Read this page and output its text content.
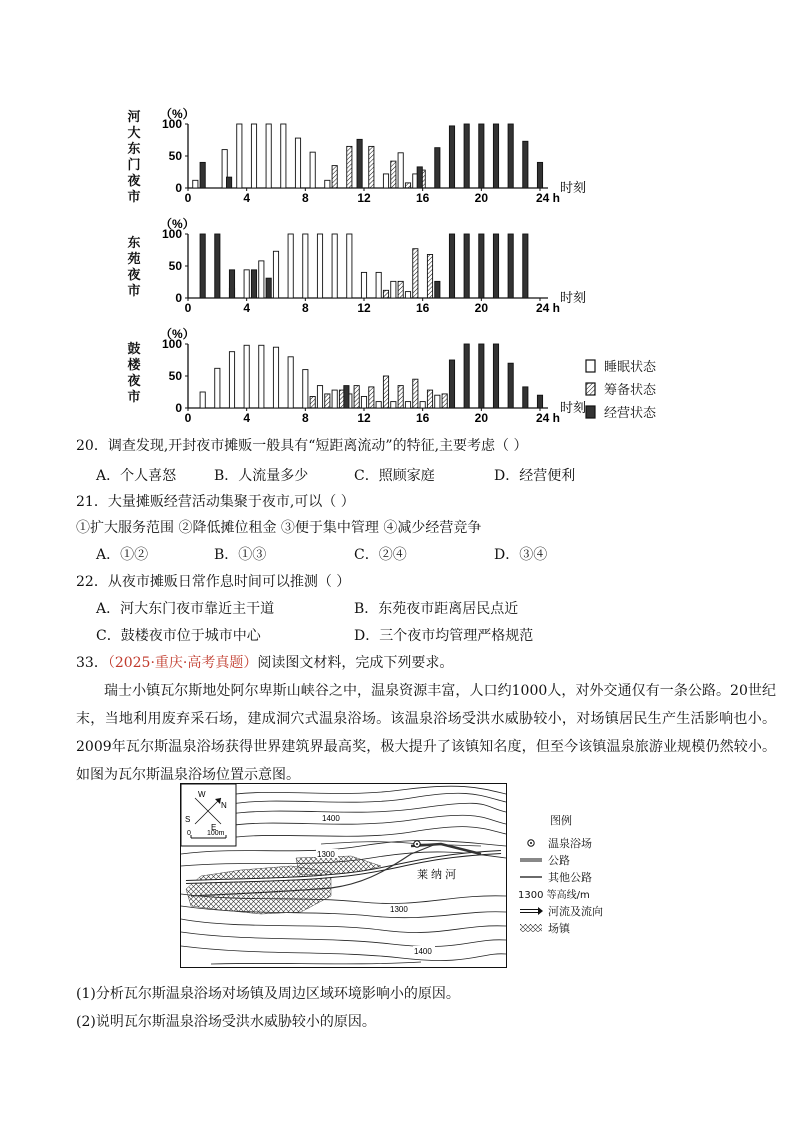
河
大
东
门
夜
市
（%）
0
50
100
0	4	8	12	16	20	24 h
时刻
东
苑
夜
市
（%）
0
50
100
0	4	8	12	16	20	24 h
时刻
鼓
楼
夜
市
（%）
0
50
100
0	4	8	12	16	20	24 h
时刻
睡眠状态
筹备状态
经营状态
20．调查发现,开封夜市摊贩一般具有“短距离流动”的特征,主要考虑（ ）
A．个人喜怒	B．人流量多少	C．照顾家庭	D．经营便利
21．大量摊贩经营活动集聚于夜市,可以（ ）
①扩大服务范围 ②降低摊位租金 ③便于集中管理 ④减少经营竞争
A．①②	B．①③	C．②④	D．③④
22．从夜市摊贩日常作息时间可以推测（ ）
A．河大东门夜市靠近主干道	B．东苑夜市距离居民点近
C．鼓楼夜市位于城市中心	D．三个夜市均管理严格规范
33．（2025·重庆·高考真题）阅读图文材料，完成下列要求。
瑞士小镇瓦尔斯地处阿尔卑斯山峡谷之中，温泉资源丰富，人口约1000人，对外交通仅有一条公路。20世纪末，当地利用废弃采石场，建成洞穴式温泉浴场。该温泉浴场受洪水威胁较小，对场镇居民生产生活影响也小。2009年瓦尔斯温泉浴场获得世界建筑界最高奖，极大提升了该镇知名度，但至今该镇温泉旅游业规模仍然较小。如图为瓦尔斯温泉浴场位置示意图。
W
N
S
E
0 100m
1400
1300
1300
1400
莱 纳 河
图例
温泉浴场
公路
其他公路
1300 等高线/m
河流及流向
场镇
(1)分析瓦尔斯温泉浴场对场镇及周边区域环境影响小的原因。
(2)说明瓦尔斯温泉浴场受洪水威胁较小的原因。
